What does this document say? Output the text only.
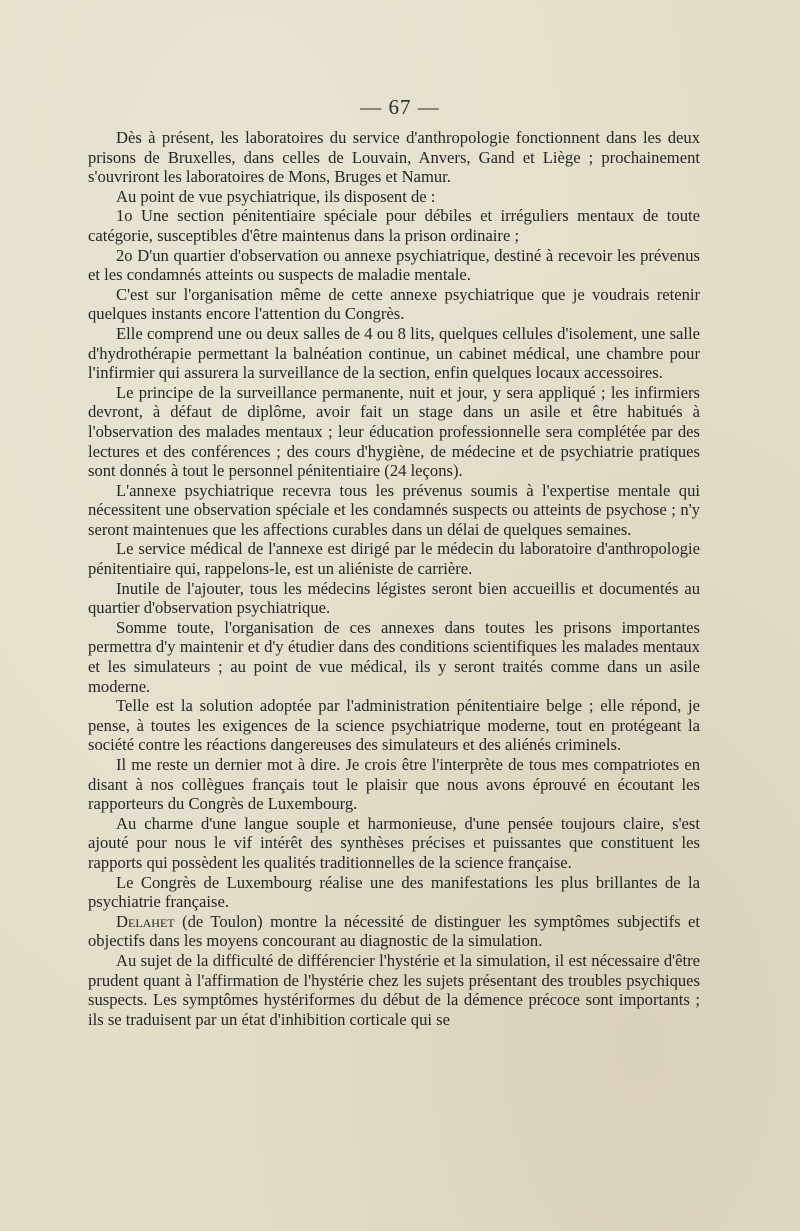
— 67 —

Dès à présent, les laboratoires du service d'anthropologie fonctionnent dans les deux prisons de Bruxelles, dans celles de Louvain, Anvers, Gand et Liège ; prochainement s'ouvriront les laboratoires de Mons, Bruges et Namur.

Au point de vue psychiatrique, ils disposent de :

1o Une section pénitentiaire spéciale pour débiles et irréguliers mentaux de toute catégorie, susceptibles d'être maintenus dans la prison ordinaire ;

2o D'un quartier d'observation ou annexe psychiatrique, destiné à recevoir les prévenus et les condamnés atteints ou suspects de maladie mentale.

C'est sur l'organisation même de cette annexe psychiatrique que je voudrais retenir quelques instants encore l'attention du Congrès.

Elle comprend une ou deux salles de 4 ou 8 lits, quelques cellules d'isolement, une salle d'hydrothérapie permettant la balnéation continue, un cabinet médical, une chambre pour l'infirmier qui assurera la surveillance de la section, enfin quelques locaux accessoires.

Le principe de la surveillance permanente, nuit et jour, y sera appliqué ; les infirmiers devront, à défaut de diplôme, avoir fait un stage dans un asile et être habitués à l'observation des malades mentaux ; leur éducation professionnelle sera complétée par des lectures et des conférences ; des cours d'hygiène, de médecine et de psychiatrie pratiques sont donnés à tout le personnel pénitentiaire (24 leçons).

L'annexe psychiatrique recevra tous les prévenus soumis à l'expertise mentale qui nécessitent une observation spéciale et les condamnés suspects ou atteints de psychose ; n'y seront maintenues que les affections curables dans un délai de quelques semaines.

Le service médical de l'annexe est dirigé par le médecin du laboratoire d'anthropologie pénitentiaire qui, rappelons-le, est un aliéniste de carrière.

Inutile de l'ajouter, tous les médecins légistes seront bien accueillis et documentés au quartier d'observation psychiatrique.

Somme toute, l'organisation de ces annexes dans toutes les prisons importantes permettra d'y maintenir et d'y étudier dans des conditions scientifiques les malades mentaux et les simulateurs ; au point de vue médical, ils y seront traités comme dans un asile moderne.

Telle est la solution adoptée par l'administration pénitentiaire belge ; elle répond, je pense, à toutes les exigences de la science psychiatrique moderne, tout en protégeant la société contre les réactions dangereuses des simulateurs et des aliénés criminels.

Il me reste un dernier mot à dire. Je crois être l'interprète de tous mes compatriotes en disant à nos collègues français tout le plaisir que nous avons éprouvé en écoutant les rapporteurs du Congrès de Luxembourg.

Au charme d'une langue souple et harmonieuse, d'une pensée toujours claire, s'est ajouté pour nous le vif intérêt des synthèses précises et puissantes que constituent les rapports qui possèdent les qualités traditionnelles de la science française.

Le Congrès de Luxembourg réalise une des manifestations les plus brillantes de la psychiatrie française.

Delahet (de Toulon) montre la nécessité de distinguer les symptômes subjectifs et objectifs dans les moyens concourant au diagnostic de la simulation.

Au sujet de la difficulté de différencier l'hystérie et la simulation, il est nécessaire d'être prudent quant à l'affirmation de l'hystérie chez les sujets présentant des troubles psychiques suspects. Les symptômes hystériformes du début de la démence précoce sont importants ; ils se traduisent par un état d'inhibition corticale qui se
